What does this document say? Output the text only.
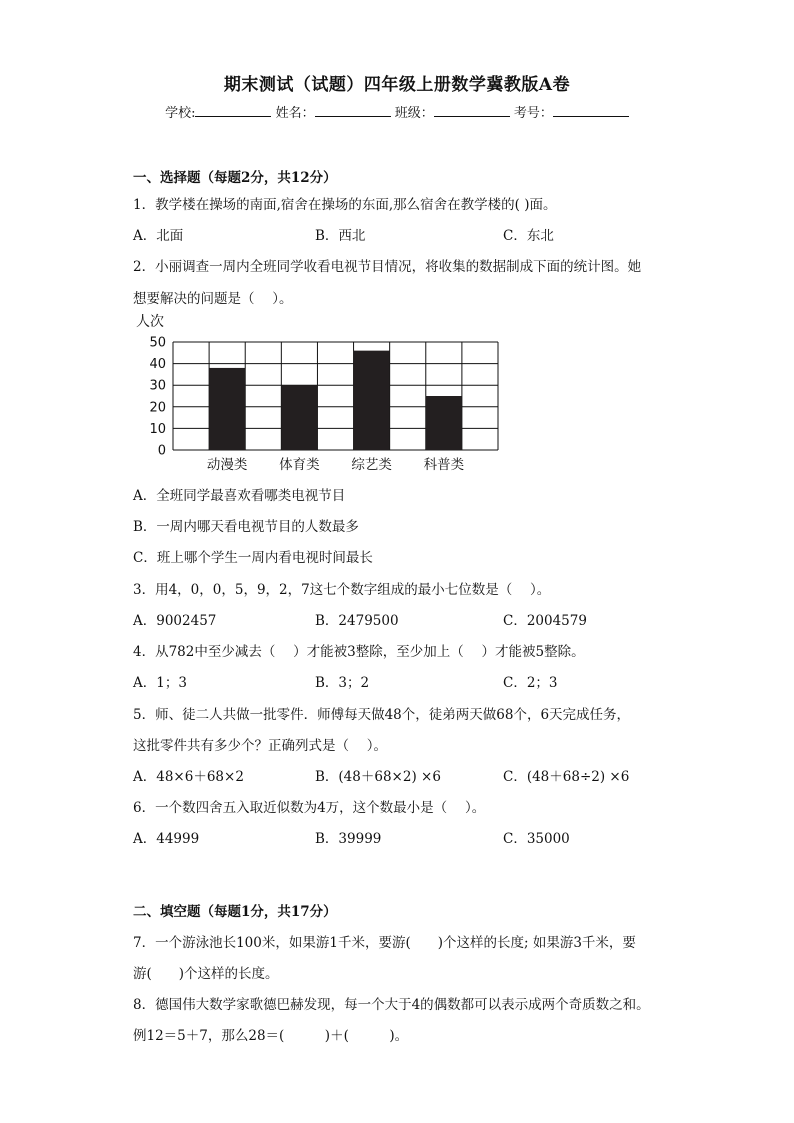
期末测试（试题）四年级上册数学冀教版A卷
学校:	姓名：	班级：	考号：
一、选择题（每题2分，共12分）
1．教学楼在操场的南面,宿舍在操场的东面,那么宿舍在教学楼的( )面。
A．北面	B．西北	C．东北
2．小丽调查一周内全班同学收看电视节目情况，将收集的数据制成下面的统计图。她
想要解决的问题是（　 ）。
0
10
20
30
40
50
动漫类 体育类 综艺类 科普类
人次
A．全班同学最喜欢看哪类电视节目
B．一周内哪天看电视节目的人数最多
C．班上哪个学生一周内看电视时间最长
3．用4，0，0，5，9，2，7这七个数字组成的最小七位数是（　 ）。
A．9002457	B．2479500	C．2004579
4．从782中至少减去（　 ）才能被3整除，至少加上（　 ）才能被5整除。
A．1；3	B．3；2	C．2；3
5．师、徒二人共做一批零件．师傅每天做48个，徒弟两天做68个，6天完成任务，
这批零件共有多少个？正确列式是（　 ）。
A．48×6＋68×2	B．(48＋68×2) ×6	C．(48＋68÷2) ×6
6．一个数四舍五入取近似数为4万，这个数最小是（　 ）。
A．44999	B．39999	C．35000
二、填空题（每题1分，共17分）
7．一个游泳池长100米，如果游1千米，要游(　　)个这样的长度; 如果游3千米，要
游(　　)个这样的长度。
8．德国伟大数学家歌德巴赫发现，每一个大于4的偶数都可以表示成两个奇质数之和。
例12＝5＋7，那么28＝(　　　)＋(　　　)。
